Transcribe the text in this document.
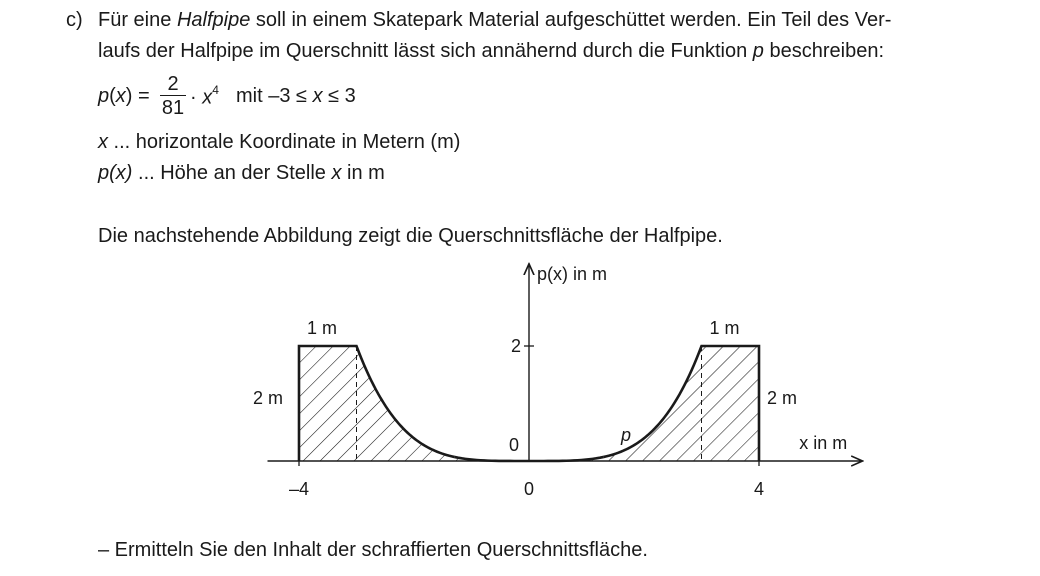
c) Für eine Halfpipe soll in einem Skatepark Material aufgeschüttet werden. Ein Teil des Ver-
laufs der Halfpipe im Querschnitt lässt sich annähernd durch die Funktion p beschreiben:
p(x) =
2
$81 \cdot x^4$ mit –3 ≤ x ≤ 3
x ... horizontale Koordinate in Metern (m)
p(x) ... Höhe an der Stelle x in m
Die nachstehende Abbildung zeigt die Querschnittsfläche der Halfpipe.
p(x) in m
x in m
2
0
–4	0	4
p
1 m	1 m
2 m	2 m
– Ermitteln Sie den Inhalt der schraffierten Querschnittsfläche.
